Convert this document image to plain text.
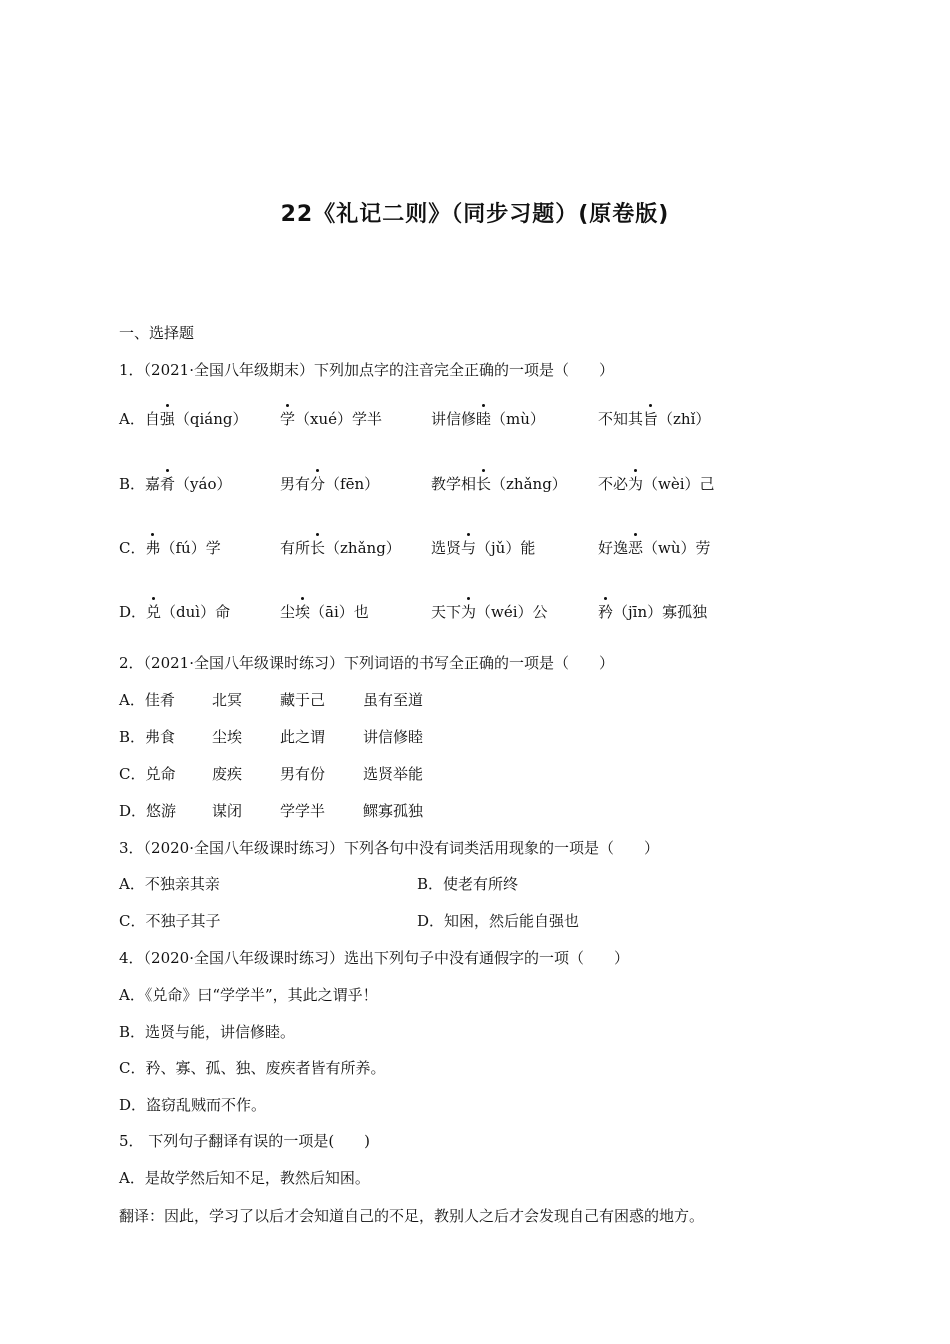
22《礼记二则》（同步习题）(原卷版)
一、选择题
1．（2021·全国八年级期末）下列加点字的注音完全正确的一项是（　　）
A．自强（qiáng） 学（xué）学半	讲信修睦（mù）	不知其旨（zhǐ）
B．嘉肴（yáo）	男有分（fēn）	教学相长（zhǎng） 不必为（wèi）己
C．弗（fú）学	有所长（zhǎng） 选贤与（jǔ）能	好逸恶（wù）劳
D．兑（duì）命	尘埃（āi）也	天下为（wéi）公	矜（jīn）寡孤独
2．（2021·全国八年级课时练习）下列词语的书写全正确的一项是（　　）
A．佳肴 北冥	藏于己	虽有至道
B．弗食 尘埃	此之谓	讲信修睦
C．兑命 废疾	男有份	选贤举能
D．悠游 谋闭	学学半	鳏寡孤独
3．（2020·全国八年级课时练习）下列各句中没有词类活用现象的一项是（　　）
A．不独亲其亲	B．使老有所终
C．不独子其子	D．知困，然后能自强也
4．（2020·全国八年级课时练习）选出下列句子中没有通假字的一项（　　）
A．《兑命》曰“学学半”，其此之谓乎！
B．选贤与能，讲信修睦。
C．矜、寡、孤、独、废疾者皆有所养。
D．盗窃乱贼而不作。
5． 下列句子翻译有误的一项是(　　)
A．是故学然后知不足，教然后知困。
翻译：因此，学习了以后才会知道自己的不足，教别人之后才会发现自己有困惑的地方。
